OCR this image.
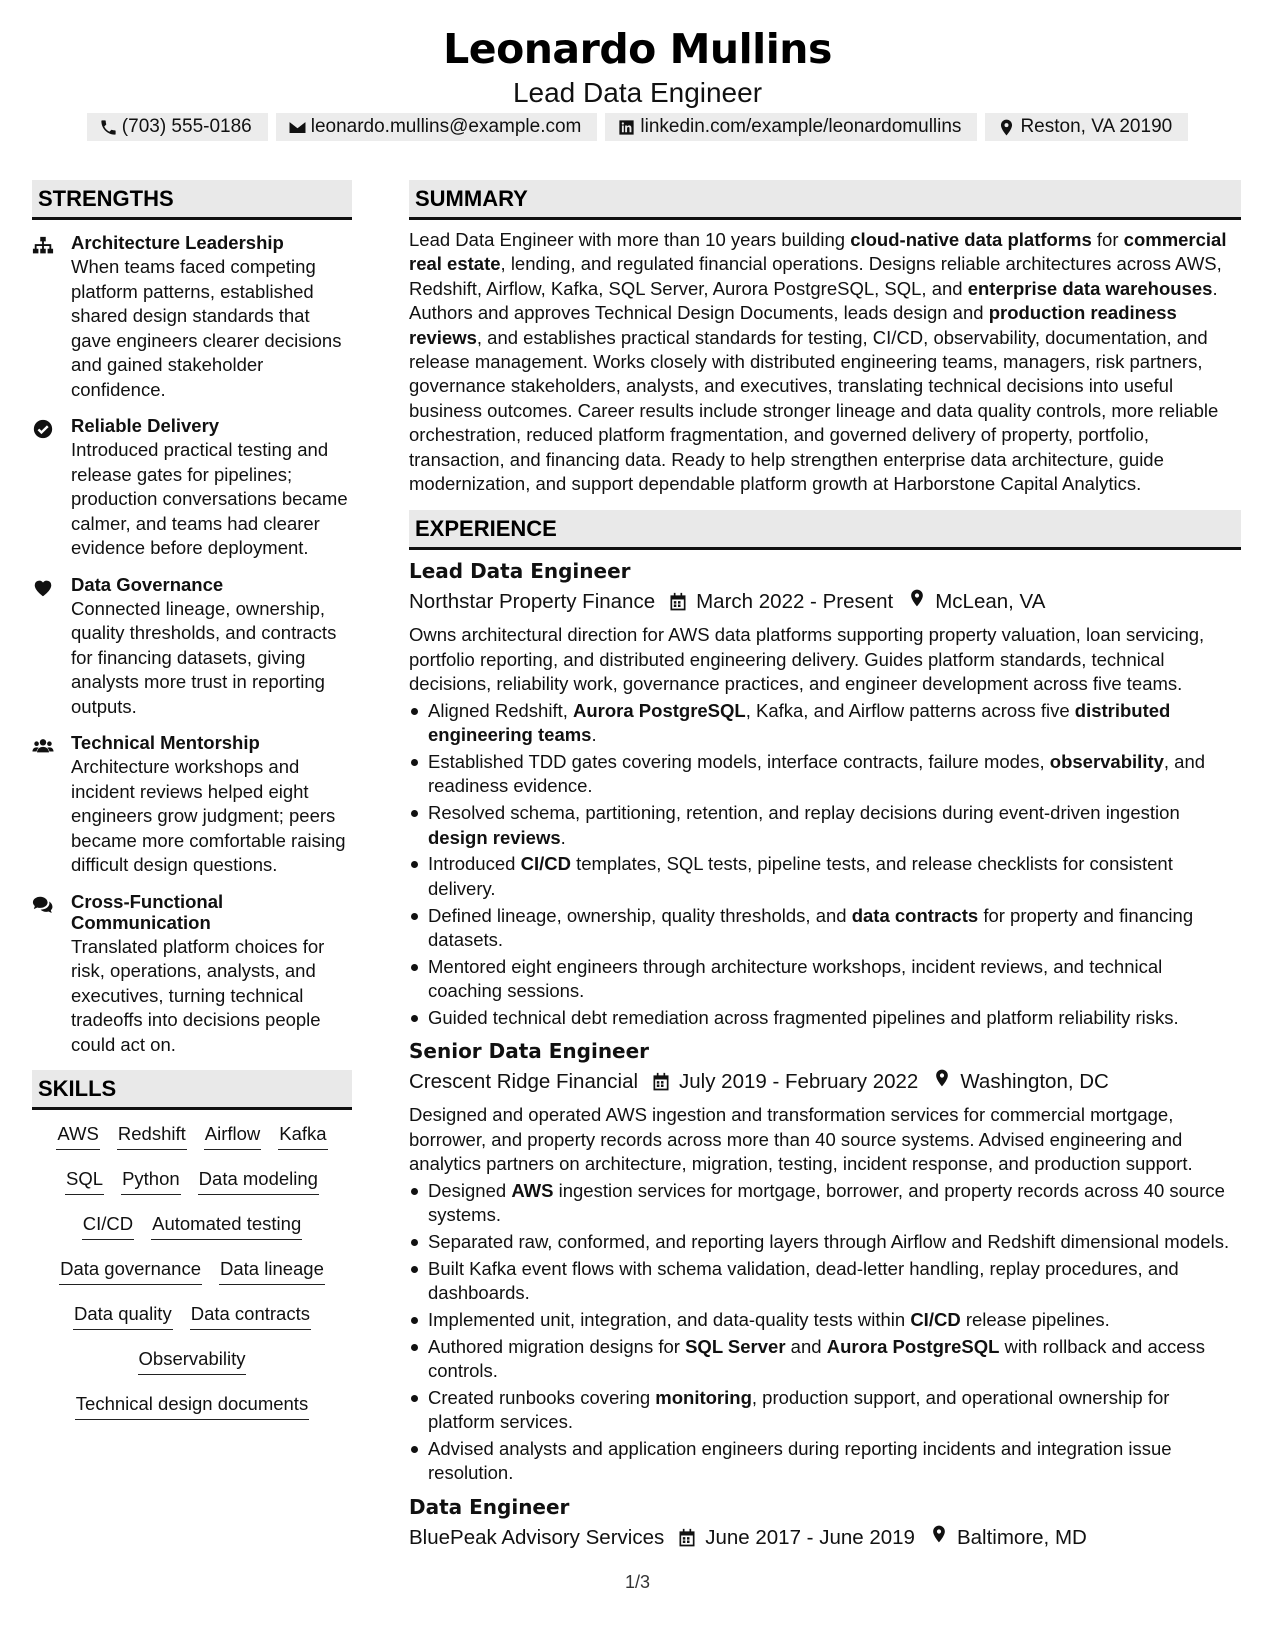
Leonardo Mullins
Lead Data Engineer
(703) 555-0186	leonardo.mullins@example.com	linkedin.com/example/leonardomullins	Reston, VA 20190
STRENGTHS
Architecture Leadership
When teams faced competing platform patterns, established shared design standards that gave engineers clearer decisions and gained stakeholder confidence.
Reliable Delivery
Introduced practical testing and release gates for pipelines; production conversations became calmer, and teams had clearer evidence before deployment.
Data Governance
Connected lineage, ownership, quality thresholds, and contracts for financing datasets, giving analysts more trust in reporting outputs.
Technical Mentorship
Architecture workshops and incident reviews helped eight engineers grow judgment; peers became more comfortable raising difficult design questions.
Cross-Functional Communication
Translated platform choices for risk, operations, analysts, and executives, turning technical tradeoffs into decisions people could act on.
SKILLS
AWS Redshift Airflow Kafka
SQL Python Data modeling
CI/CD Automated testing
Data governance Data lineage
Data quality Data contracts
Observability
Technical design documents
SUMMARY
Lead Data Engineer with more than 10 years building cloud-native data platforms for commercial real estate, lending, and regulated financial operations. Designs reliable architectures across AWS, Redshift, Airflow, Kafka, SQL Server, Aurora PostgreSQL, SQL, and enterprise data warehouses. Authors and approves Technical Design Documents, leads design and production readiness reviews, and establishes practical standards for testing, CI/CD, observability, documentation, and release management. Works closely with distributed engineering teams, managers, risk partners, governance stakeholders, analysts, and executives, translating technical decisions into useful business outcomes. Career results include stronger lineage and data quality controls, more reliable orchestration, reduced platform fragmentation, and governed delivery of property, portfolio, transaction, and financing data. Ready to help strengthen enterprise data architecture, guide modernization, and support dependable platform growth at Harborstone Capital Analytics.
EXPERIENCE
Lead Data Engineer
Northstar Property Finance March 2022 - Present McLean, VA
Owns architectural direction for AWS data platforms supporting property valuation, loan servicing, portfolio reporting, and distributed engineering delivery. Guides platform standards, technical decisions, reliability work, governance practices, and engineer development across five teams.
Aligned Redshift, Aurora PostgreSQL, Kafka, and Airflow patterns across five distributed engineering teams.
Established TDD gates covering models, interface contracts, failure modes, observability, and readiness evidence.
Resolved schema, partitioning, retention, and replay decisions during event-driven ingestion design reviews.
Introduced CI/CD templates, SQL tests, pipeline tests, and release checklists for consistent delivery.
Defined lineage, ownership, quality thresholds, and data contracts for property and financing datasets.
Mentored eight engineers through architecture workshops, incident reviews, and technical coaching sessions.
Guided technical debt remediation across fragmented pipelines and platform reliability risks.
Senior Data Engineer
Crescent Ridge Financial July 2019 - February 2022 Washington, DC
Designed and operated AWS ingestion and transformation services for commercial mortgage, borrower, and property records across more than 40 source systems. Advised engineering and analytics partners on architecture, migration, testing, incident response, and production support.
Designed AWS ingestion services for mortgage, borrower, and property records across 40 source systems.
Separated raw, conformed, and reporting layers through Airflow and Redshift dimensional models.
Built Kafka event flows with schema validation, dead-letter handling, replay procedures, and dashboards.
Implemented unit, integration, and data-quality tests within CI/CD release pipelines.
Authored migration designs for SQL Server and Aurora PostgreSQL with rollback and access controls.
Created runbooks covering monitoring, production support, and operational ownership for platform services.
Advised analysts and application engineers during reporting incidents and integration issue resolution.
Data Engineer
BluePeak Advisory Services June 2017 - June 2019 Baltimore, MD
1/3
